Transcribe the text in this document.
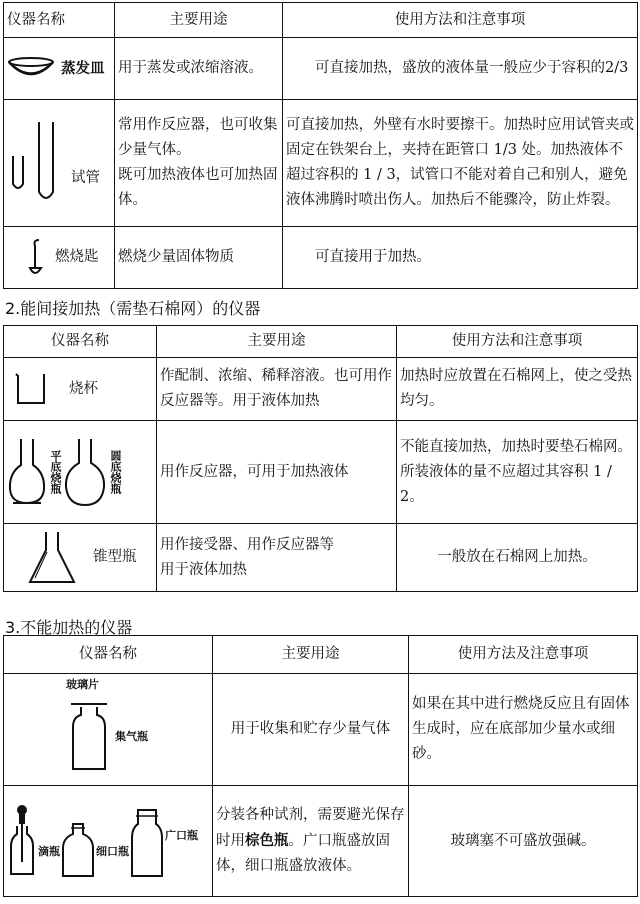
仪器名称	主要用途	使用方法和注意事项

蒸发皿	用于蒸发或浓缩溶液。	可直接加热，盛放的液体量一般应少于容积的2/3

试管	常用作反应器，也可收集少量气体。
既可加热液体也可加热固体。	可直接加热，外壁有水时要擦干。加热时应用试管夹或固定在铁架台上，夹持在距管口 1/3 处。加热液体不超过容积的 1 / 3，试管口不能对着自己和别人，避免液体沸腾时喷出伤人。加热后不能骤冷，防止炸裂。

燃烧匙	燃烧少量固体物质	可直接用于加热。
2.能间接加热（需垫石棉网）的仪器
仪器名称	主要用途	使用方法和注意事项

烧杯	作配制、浓缩、稀释溶液。也可用作反应器等。用于液体加热	加热时应放置在石棉网上，使之受热均匀。

平底烧瓶 圆底烧瓶	用作反应器，可用于加热液体	不能直接加热，加热时要垫石棉网。所装液体的量不应超过其容积 1 / 2。

锥型瓶	用作接受器、用作反应器等
用于液体加热	一般放在石棉网上加热。
3.不能加热的仪器
仪器名称	主要用途	使用方法及注意事项

玻璃片
集气瓶	用于收集和贮存少量气体	如果在其中进行燃烧反应且有固体生成时，应在底部加少量水或细砂。

滴瓶 细口瓶
广口瓶	分装各种试剂，需要避光保存时用棕色瓶。广口瓶盛放固体，细口瓶盛放液体。	玻璃塞不可盛放强碱。
